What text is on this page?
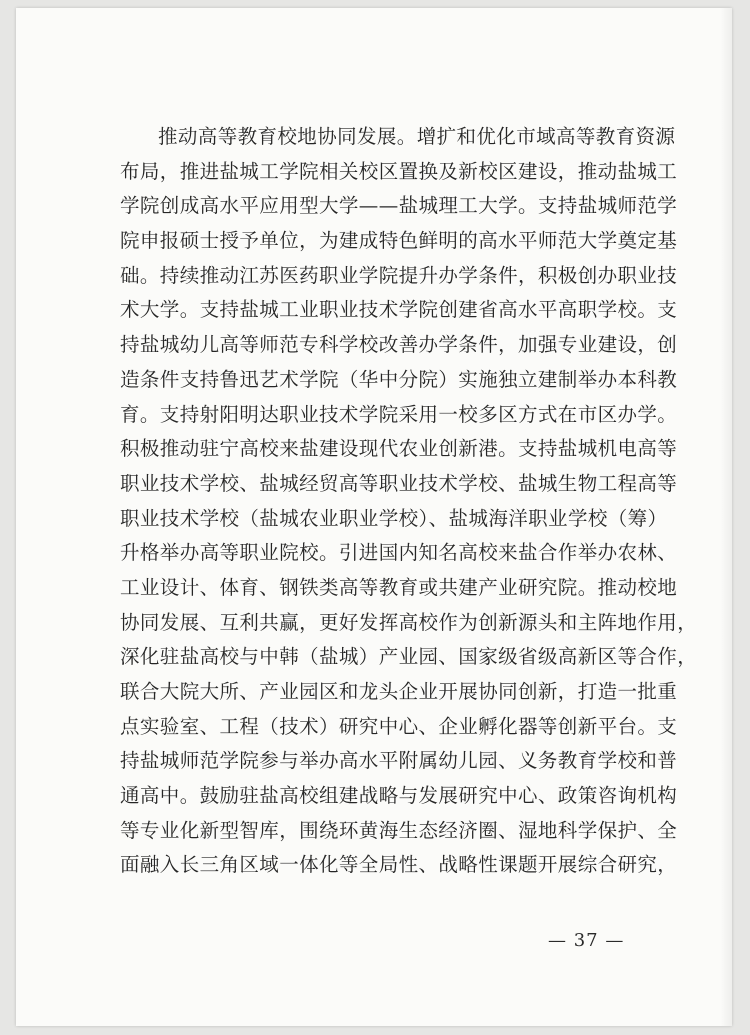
推动高等教育校地协同发展。增扩和优化市域高等教育资源
布局，推进盐城工学院相关校区置换及新校区建设，推动盐城工
学院创成高水平应用型大学——盐城理工大学。支持盐城师范学
院申报硕士授予单位，为建成特色鲜明的高水平师范大学奠定基
础。持续推动江苏医药职业学院提升办学条件，积极创办职业技
术大学。支持盐城工业职业技术学院创建省高水平高职学校。支
持盐城幼儿高等师范专科学校改善办学条件，加强专业建设，创
造条件支持鲁迅艺术学院（华中分院）实施独立建制举办本科教
育。支持射阳明达职业技术学院采用一校多区方式在市区办学。
积极推动驻宁高校来盐建设现代农业创新港。支持盐城机电高等
职业技术学校、盐城经贸高等职业技术学校、盐城生物工程高等
职业技术学校（盐城农业职业学校）、盐城海洋职业学校（筹）
升格举办高等职业院校。引进国内知名高校来盐合作举办农林、
工业设计、体育、钢铁类高等教育或共建产业研究院。推动校地
协同发展、互利共赢，更好发挥高校作为创新源头和主阵地作用，
深化驻盐高校与中韩（盐城）产业园、国家级省级高新区等合作，
联合大院大所、产业园区和龙头企业开展协同创新，打造一批重
点实验室、工程（技术）研究中心、企业孵化器等创新平台。支
持盐城师范学院参与举办高水平附属幼儿园、义务教育学校和普
通高中。鼓励驻盐高校组建战略与发展研究中心、政策咨询机构
等专业化新型智库，围绕环黄海生态经济圈、湿地科学保护、全
面融入长三角区域一体化等全局性、战略性课题开展综合研究，
— 37 —
